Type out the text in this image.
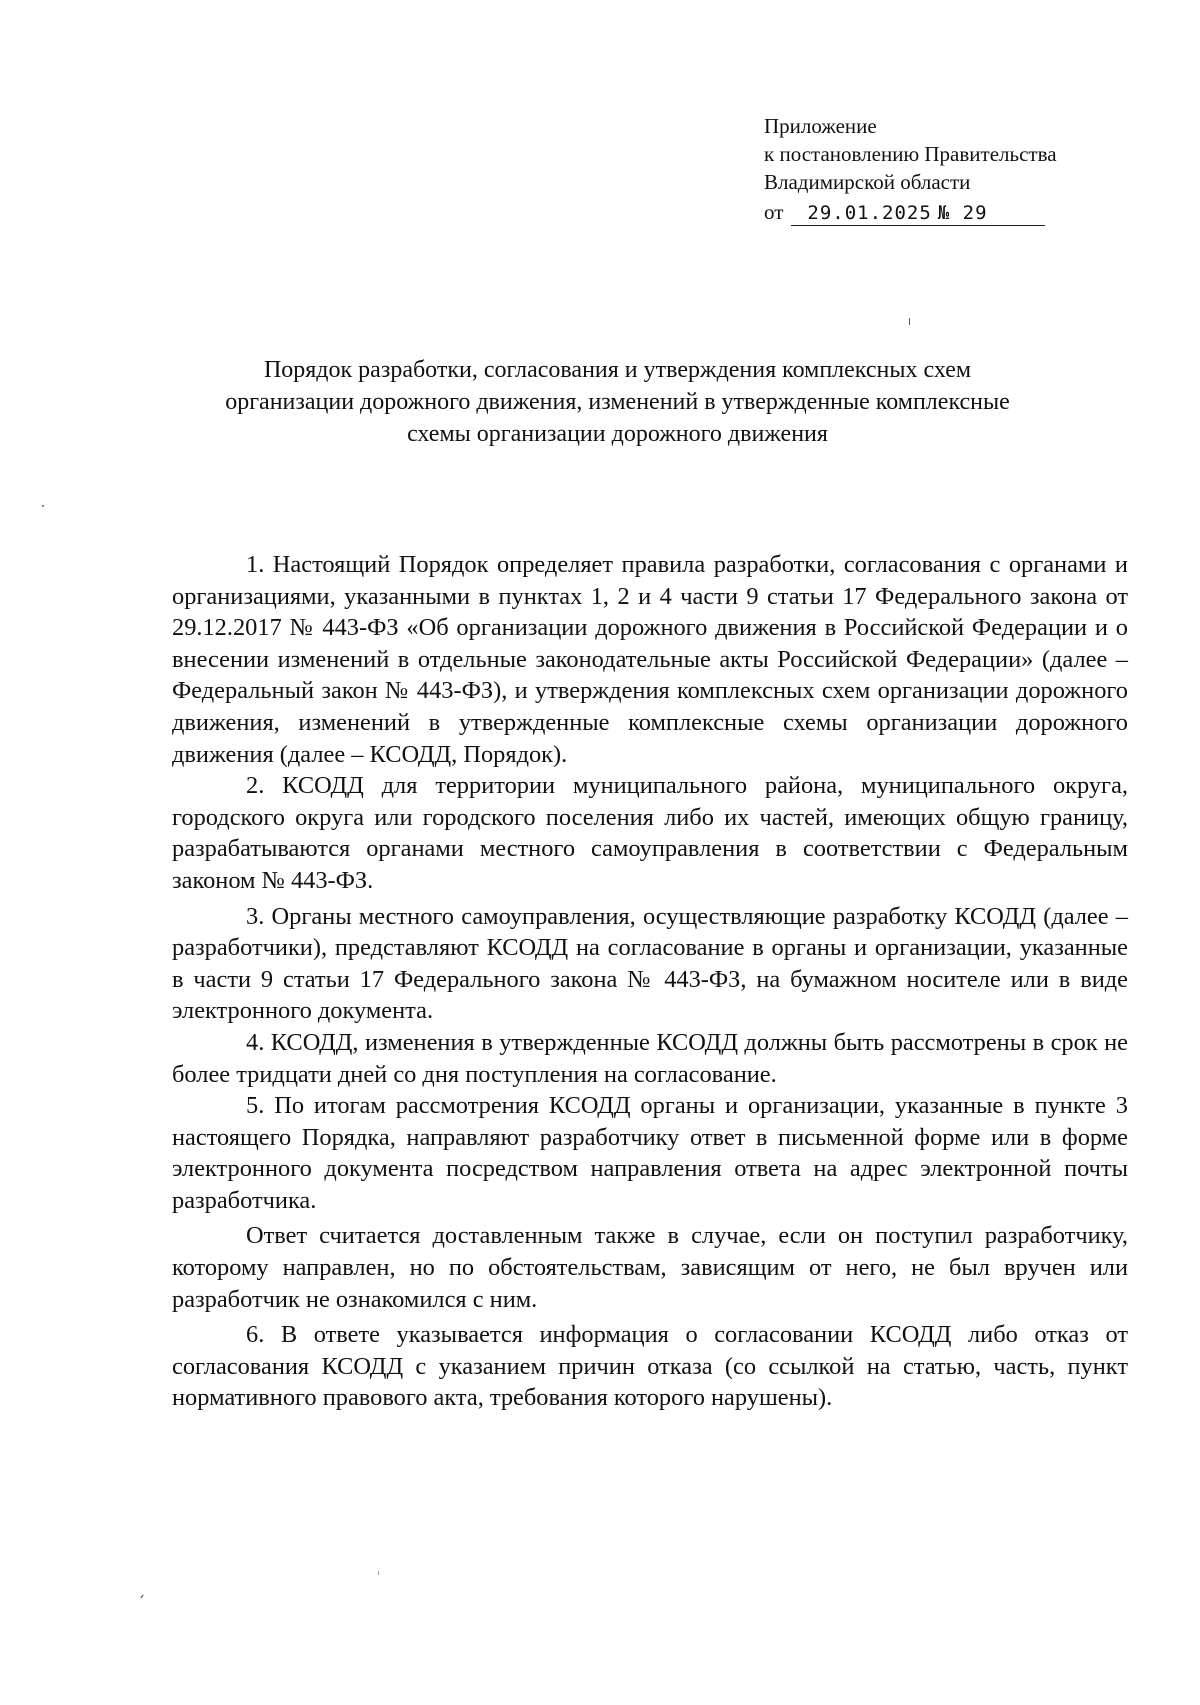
Приложение
к постановлению Правительства
Владимирской области
от 29.01.2025 № 29
Порядок разработки, согласования и утверждения комплексных схем
организации дорожного движения, изменений в утвержденные комплексные
схемы организации дорожного движения

1. Настоящий Порядок определяет правила разработки, согласования с органами и организациями, указанными в пунктах 1, 2 и 4 части 9 статьи 17 Федерального закона от 29.12.2017 № 443-ФЗ «Об организации дорожного движения в Российской Федерации и о внесении изменений в отдельные законодательные акты Российской Федерации» (далее – Федеральный закон № 443-ФЗ), и утверждения комплексных схем организации дорожного движения, изменений в утвержденные комплексные схемы организации дорожного движения (далее – КСОДД, Порядок).

2. КСОДД для территории муниципального района, муниципального округа, городского округа или городского поселения либо их частей, имеющих общую границу, разрабатываются органами местного самоуправления в соответствии с Федеральным законом № 443-ФЗ.

3. Органы местного самоуправления, осуществляющие разработку КСОДД (далее – разработчики), представляют КСОДД на согласование в органы и организации, указанные в части 9 статьи 17 Федерального закона № 443-ФЗ, на бумажном носителе или в виде электронного документа.

4. КСОДД, изменения в утвержденные КСОДД должны быть рассмотрены в срок не более тридцати дней со дня поступления на согласование.

5. По итогам рассмотрения КСОДД органы и организации, указанные в пункте 3 настоящего Порядка, направляют разработчику ответ в письменной форме или в форме электронного документа посредством направления ответа на адрес электронной почты разработчика.

Ответ считается доставленным также в случае, если он поступил разработчику, которому направлен, но по обстоятельствам, зависящим от него, не был вручен или разработчик не ознакомился с ним.

6. В ответе указывается информация о согласовании КСОДД либо отказ от согласования КСОДД с указанием причин отказа (со ссылкой на статью, часть, пункт нормативного правового акта, требования которого нарушены).
